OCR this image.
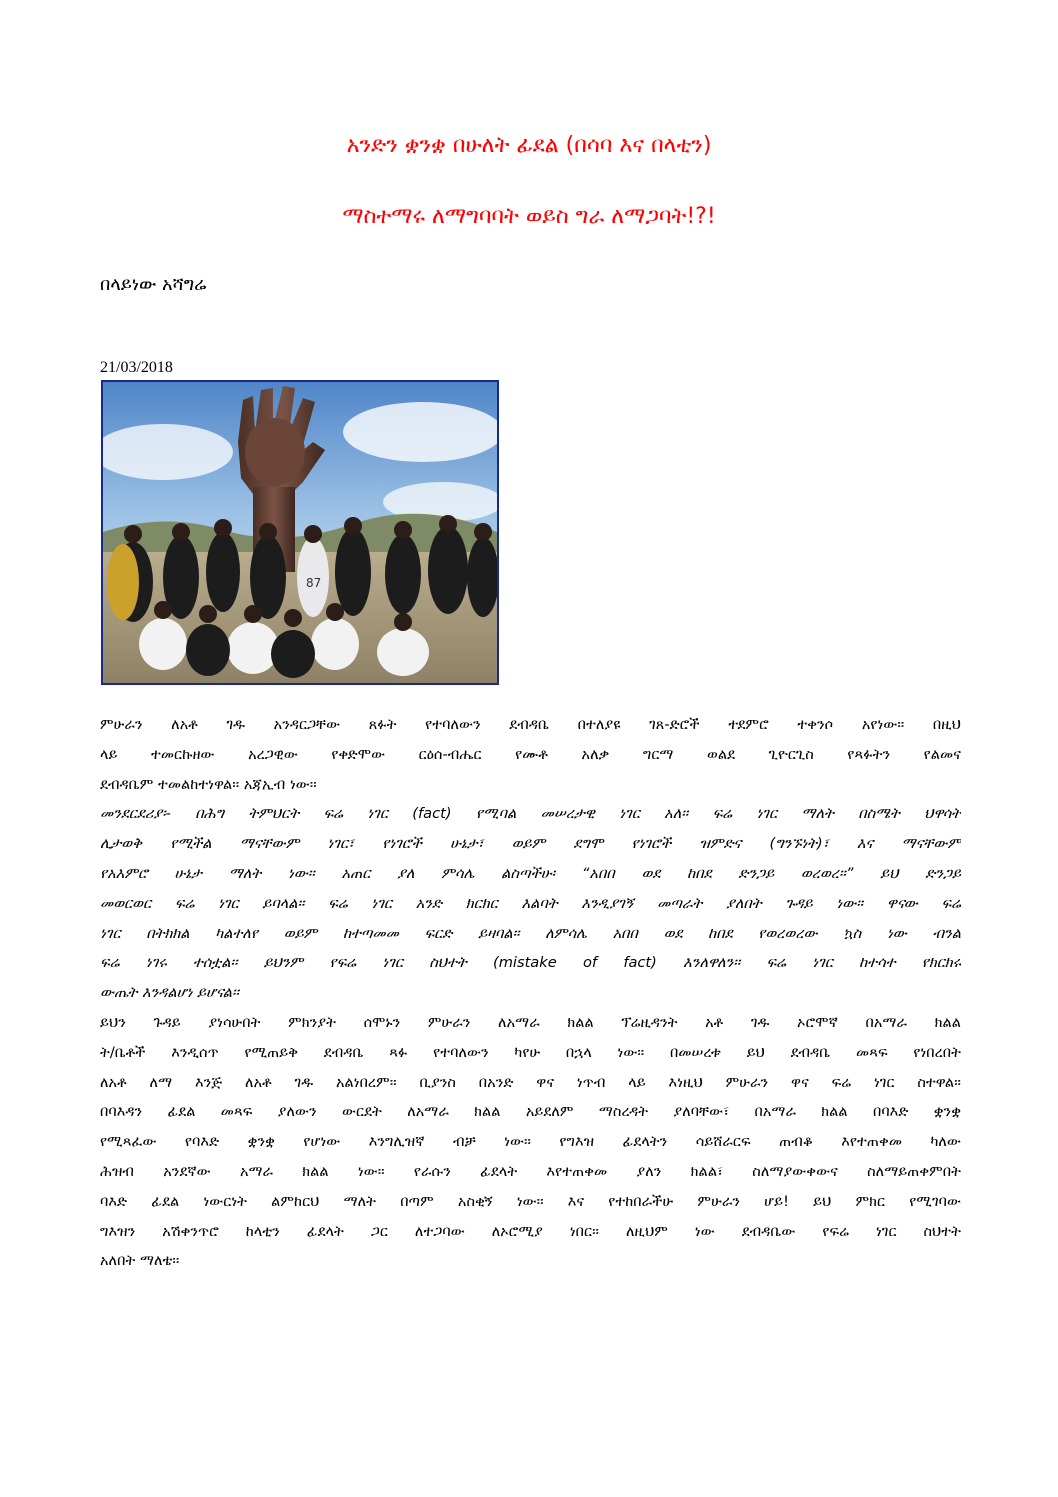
አንድን ቋንቋ በሁለት ፊደል (በሳባ እና በላቲን)
ማስተማሩ ለማግባባት ወይስ ግራ ለማጋባት!?!
በላይነው አሻግሬ
21/03/2018
87
ምሁራን ለአቶ ገዱ አንዳርጋቸው ጸፉት የተባለውን ደብዳቤ በተለያዩ ገጸ-ድሮች ተደምሮ ተቀንሶ አየነው፡፡ በዚህ
ላይ ተመርኩዘው አረጋዊው የቀድሞው ርዕሰ-ብሔር የሙቶ አለቃ ግርማ ወልደ ጊዮርጊስ የጻፉትን የልመና
ደብዳቤም ተመልከተነዋል፡፡ አጃኢብ ነው፡፡
መንደርደሪያ፡- በሕግ ትምህርት ፍሬ ነገር (fact) የሚባል መሠረታዊ ነገር አለ፡፡ ፍሬ ነገር ማለት በስሜት ህዋሳት
ሊታወቅ የሚችል ማናቸውም ነገር፣ የነገሮች ሁኔታ፣ ወይም ደግሞ የነገሮች ዝምድና (ግንኙነት)፣ እና ማናቸውም
የአእምሮ ሁኔታ ማለት ነው፡፡ አጠር ያለ ምሳሌ ልስጣችሁ፡ “አበበ ወደ ከበደ ድንጋይ ወረወረ፡፡” ይህ ድንጋይ
መወርወር ፍሬ ነገር ይባላል፡፡ ፍሬ ነገር አንድ ክርክር እልባት እንዲያገኝ መጣራት ያለበት ጉዳይ ነው፡፡ ዋናው ፍሬ
ነገር በትክክል ካልተለየ ወይም ከተጣመመ ፍርድ ይዛባል፡፡ ለምሳሌ አበበ ወደ ከበደ የወረወረው ኳስ ነው ብንል
ፍሬ ነገሩ ተሰቷል፡፡ ይህንም የፍሬ ነገር ስህተት (mistake of fact) እንለዋለን፡፡ ፍሬ ነገር ከተሳተ የክርክሩ
ውጤት እንዳልሆነ ይሆናል፡፡
ይህን ጉዳይ ያነሳሁበት ምክንያት ሰሞኑን ምሁራን ለአማራ ክልል ፕሬዚዳንት አቶ ገዱ ኦሮሞኛ በአማራ ክልል
ት/ቤቶች እንዲሰጥ የሚጠይቅ ደብዳቤ ጻፉ የተባለውን ካየሁ በኋላ ነው፡፡ በመሠረቱ ይህ ደብዳቤ መጻፍ የነበረበት
ለአቶ ለማ እንጅ ለአቶ ገዱ አልነበረም፡፡ ቢያንስ በአንድ ዋና ነጥብ ላይ እነዚህ ምሁራን ዋና ፍሬ ነገር ስተዋል፡፡
በባእዳን ፊደል መጻፍ ያለውን ውርደት ለአማራ ክልል አይደለም ማስረዳት ያለባቸው፣ በአማራ ክልል በባእድ ቋንቋ
የሚጻፈው የባእድ ቋንቋ የሆነው እንግሊዝኛ ብቻ ነው፡፡ የግእዝ ፊደላትን ሳይሸራርፍ ጠብቆ እየተጠቀመ ካለው
ሕዝብ አንደኛው አማራ ክልል ነው፡፡ የራሱን ፊደላት እየተጠቀመ ያለን ክልል፣ ስለማያውቀውና ስለማይጠቀምበት
ባእድ ፊደል ነውርነት ልምከርህ ማለት በጣም አስቂኝ ነው፡፡ እና የተከበራችሁ ምሁራን ሆይ! ይህ ምክር የሚገባው
ግእዝን አሽቀንጥሮ ከላቲን ፊደላት ጋር ለተጋባው ለኦሮሚያ ነበር፡፡ ለዚህም ነው ደብዳቤው የፍሬ ነገር ስህተት
አለበት ማለቴ፡፡
